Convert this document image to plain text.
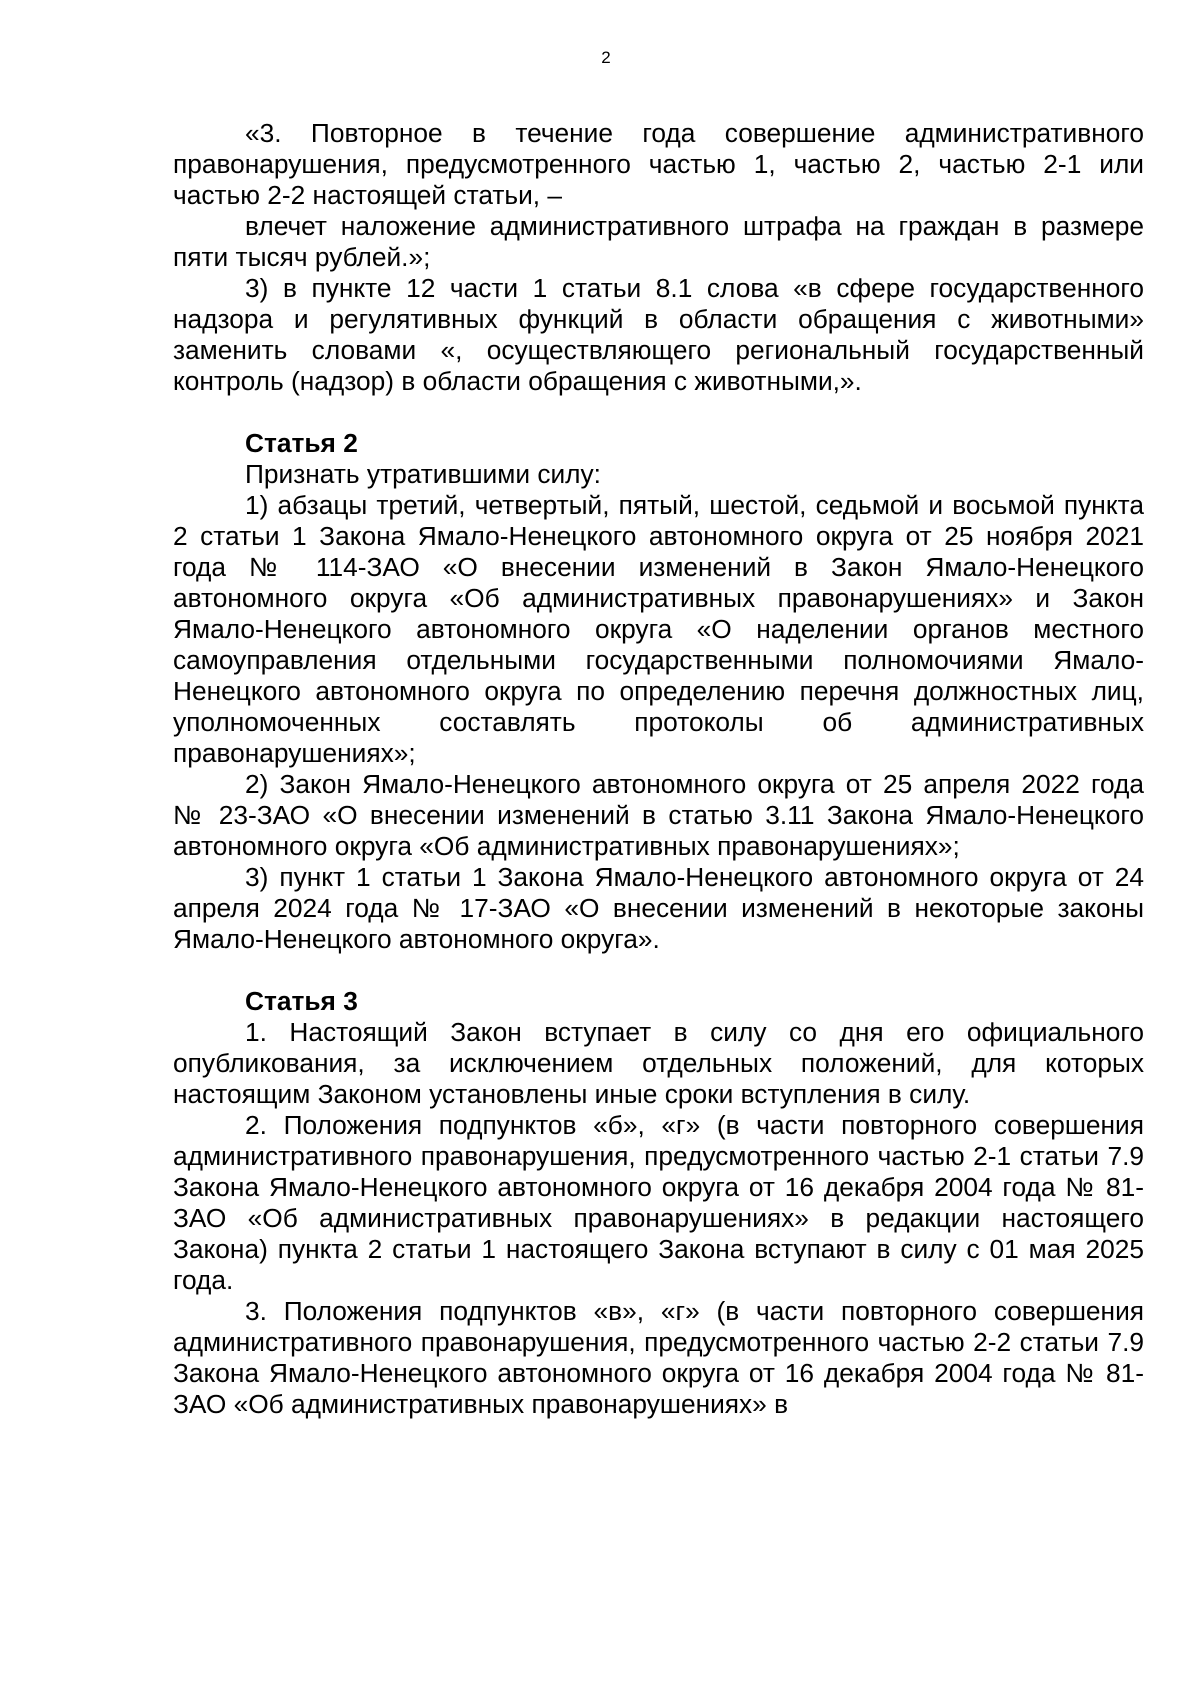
2

«3. Повторное в течение года совершение административного правонарушения, предусмотренного частью 1, частью 2, частью 2-1 или частью 2-2 настоящей статьи, –

влечет наложение административного штрафа на граждан в размере пяти тысяч рублей.»;

3) в пункте 12 части 1 статьи 8.1 слова «в сфере государственного надзора и регулятивных функций в области обращения с животными» заменить словами «, осуществляющего региональный государственный контроль (надзор) в области обращения с животными,».

Статья 2

Признать утратившими силу:

1) абзацы третий, четвертый, пятый, шестой, седьмой и восьмой пункта 2 статьи 1 Закона Ямало-Ненецкого автономного округа от 25 ноября 2021 года № 114-ЗАО «О внесении изменений в Закон Ямало-Ненецкого автономного округа «Об административных правонарушениях» и Закон Ямало-Ненецкого автономного округа «О наделении органов местного самоуправления отдельными государственными полномочиями Ямало-Ненецкого автономного округа по определению перечня должностных лиц, уполномоченных составлять протоколы об административных правонарушениях»;

2) Закон Ямало-Ненецкого автономного округа от 25 апреля 2022 года № 23-ЗАО «О внесении изменений в статью 3.11 Закона Ямало-Ненецкого автономного округа «Об административных правонарушениях»;

3) пункт 1 статьи 1 Закона Ямало-Ненецкого автономного округа от 24 апреля 2024 года № 17-ЗАО «О внесении изменений в некоторые законы Ямало-Ненецкого автономного округа».

Статья 3

1. Настоящий Закон вступает в силу со дня его официального опубликования, за исключением отдельных положений, для которых настоящим Законом установлены иные сроки вступления в силу.

2. Положения подпунктов «б», «г» (в части повторного совершения административного правонарушения, предусмотренного частью 2-1 статьи 7.9 Закона Ямало-Ненецкого автономного округа от 16 декабря 2004 года № 81-ЗАО «Об административных правонарушениях» в редакции настоящего Закона) пункта 2 статьи 1 настоящего Закона вступают в силу с 01 мая 2025 года.

3. Положения подпунктов «в», «г» (в части повторного совершения административного правонарушения, предусмотренного частью 2-2 статьи 7.9 Закона Ямало-Ненецкого автономного округа от 16 декабря 2004 года № 81-ЗАО «Об административных правонарушениях» в
